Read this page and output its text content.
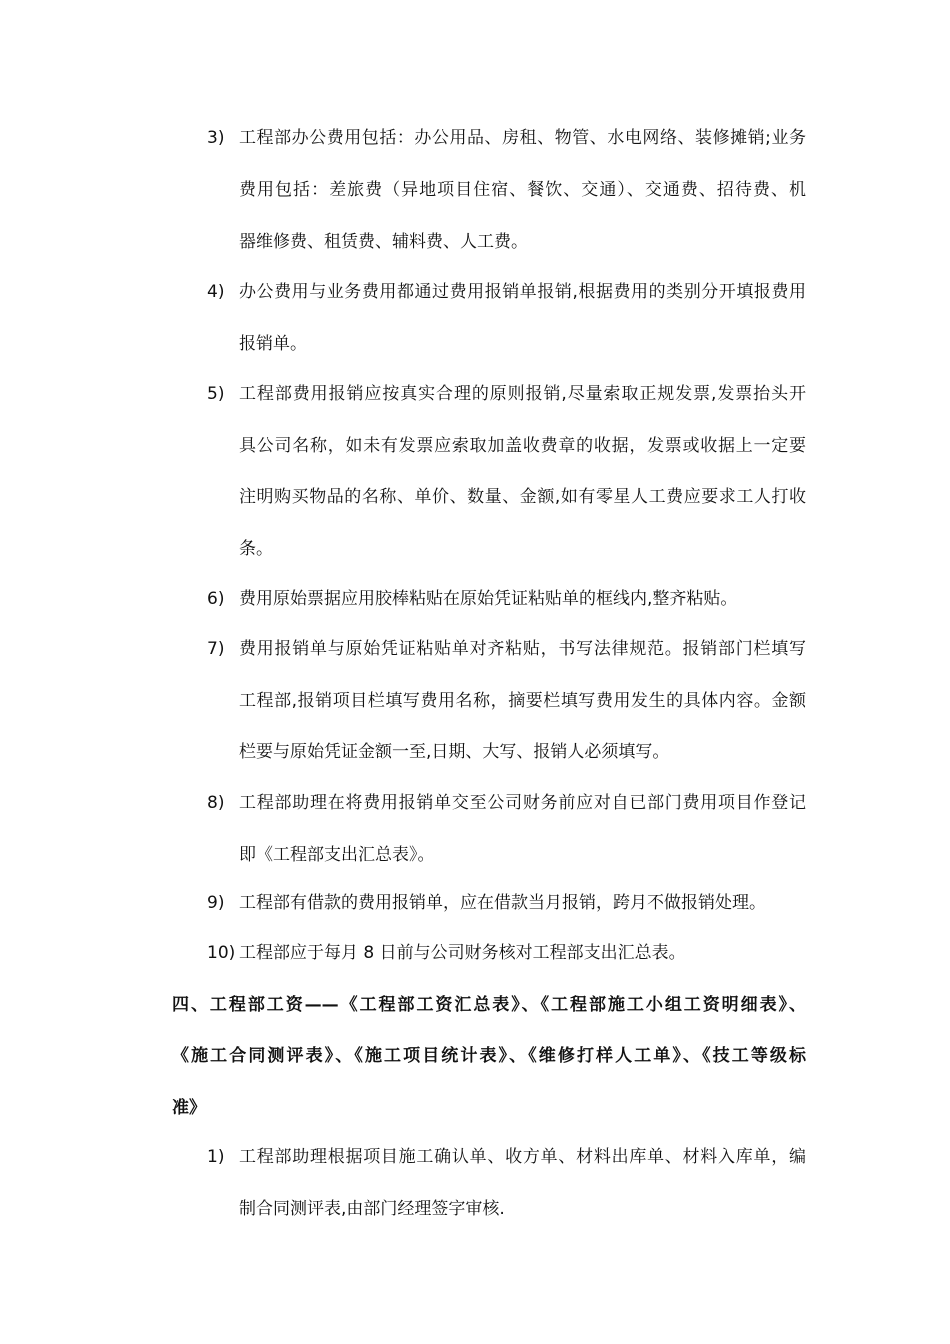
3) 工程部办公费用包括：办公用品、房租、物管、水电网络、装修摊销;业务
费用包括：差旅费（异地项目住宿、餐饮、交通）、交通费、招待费、机
器维修费、租赁费、辅料费、人工费。
4) 办公费用与业务费用都通过费用报销单报销,根据费用的类别分开填报费用
报销单。
5) 工程部费用报销应按真实合理的原则报销,尽量索取正规发票,发票抬头开
具公司名称，如未有发票应索取加盖收费章的收据，发票或收据上一定要
注明购买物品的名称、单价、数量、金额,如有零星人工费应要求工人打收
条。
6) 费用原始票据应用胶棒粘贴在原始凭证粘贴单的框线内,整齐粘贴。
7) 费用报销单与原始凭证粘贴单对齐粘贴，书写法律规范。报销部门栏填写
工程部,报销项目栏填写费用名称，摘要栏填写费用发生的具体内容。金额
栏要与原始凭证金额一至,日期、大写、报销人必须填写。
8) 工程部助理在将费用报销单交至公司财务前应对自已部门费用项目作登记
即《工程部支出汇总表》。
9) 工程部有借款的费用报销单，应在借款当月报销，跨月不做报销处理。
10) 工程部应于每月 8 日前与公司财务核对工程部支出汇总表。
四、工程部工资——《工程部工资汇总表》、《工程部施工小组工资明细表》、
《施工合同测评表》、《施工项目统计表》、《维修打样人工单》、《技工等级标
准》
1) 工程部助理根据项目施工确认单、收方单、材料出库单、材料入库单，编
制合同测评表,由部门经理签字审核.
